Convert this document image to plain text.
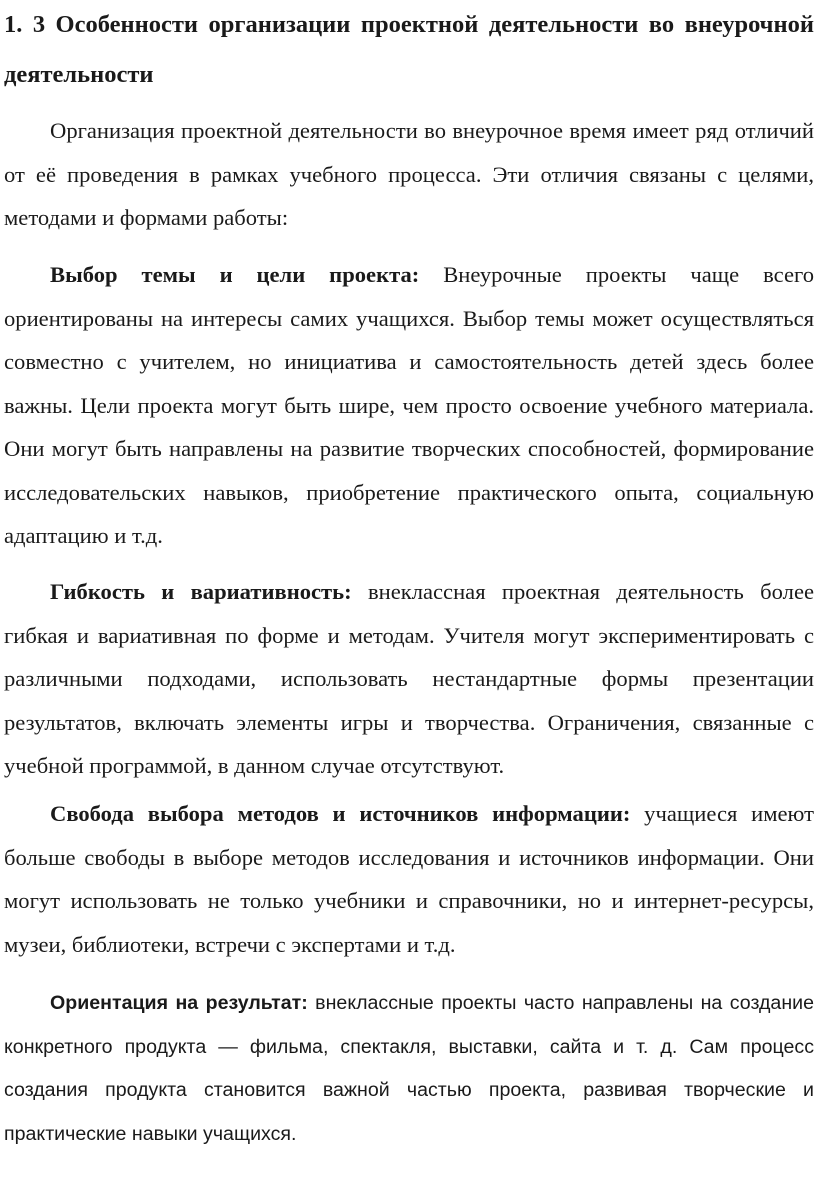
1. 3 Особенности организации проектной деятельности во внеурочной деятельности

Организация проектной деятельности во внеурочное время имеет ряд отличий от её проведения в рамках учебного процесса. Эти отличия связаны с целями, методами и формами работы:

Выбор темы и цели проекта: Внеурочные проекты чаще всего ориентированы на интересы самих учащихся. Выбор темы может осуществляться совместно с учителем, но инициатива и самостоятельность детей здесь более важны. Цели проекта могут быть шире, чем просто освоение учебного материала. Они могут быть направлены на развитие творческих способностей, формирование исследовательских навыков, приобретение практического опыта, социальную адаптацию и т.д.

Гибкость и вариативность: внеклассная проектная деятельность более гибкая и вариативная по форме и методам. Учителя могут экспериментировать с различными подходами, использовать нестандартные формы презентации результатов, включать элементы игры и творчества. Ограничения, связанные с учебной программой, в данном случае отсутствуют.

Свобода выбора методов и источников информации: учащиеся имеют больше свободы в выборе методов исследования и источников информации. Они могут использовать не только учебники и справочники, но и интернет-ресурсы, музеи, библиотеки, встречи с экспертами и т.д.

Ориентация на результат: внеклассные проекты часто направлены на создание конкретного продукта — фильма, спектакля, выставки, сайта и т. д. Сам процесс создания продукта становится важной частью проекта, развивая творческие и практические навыки учащихся.
